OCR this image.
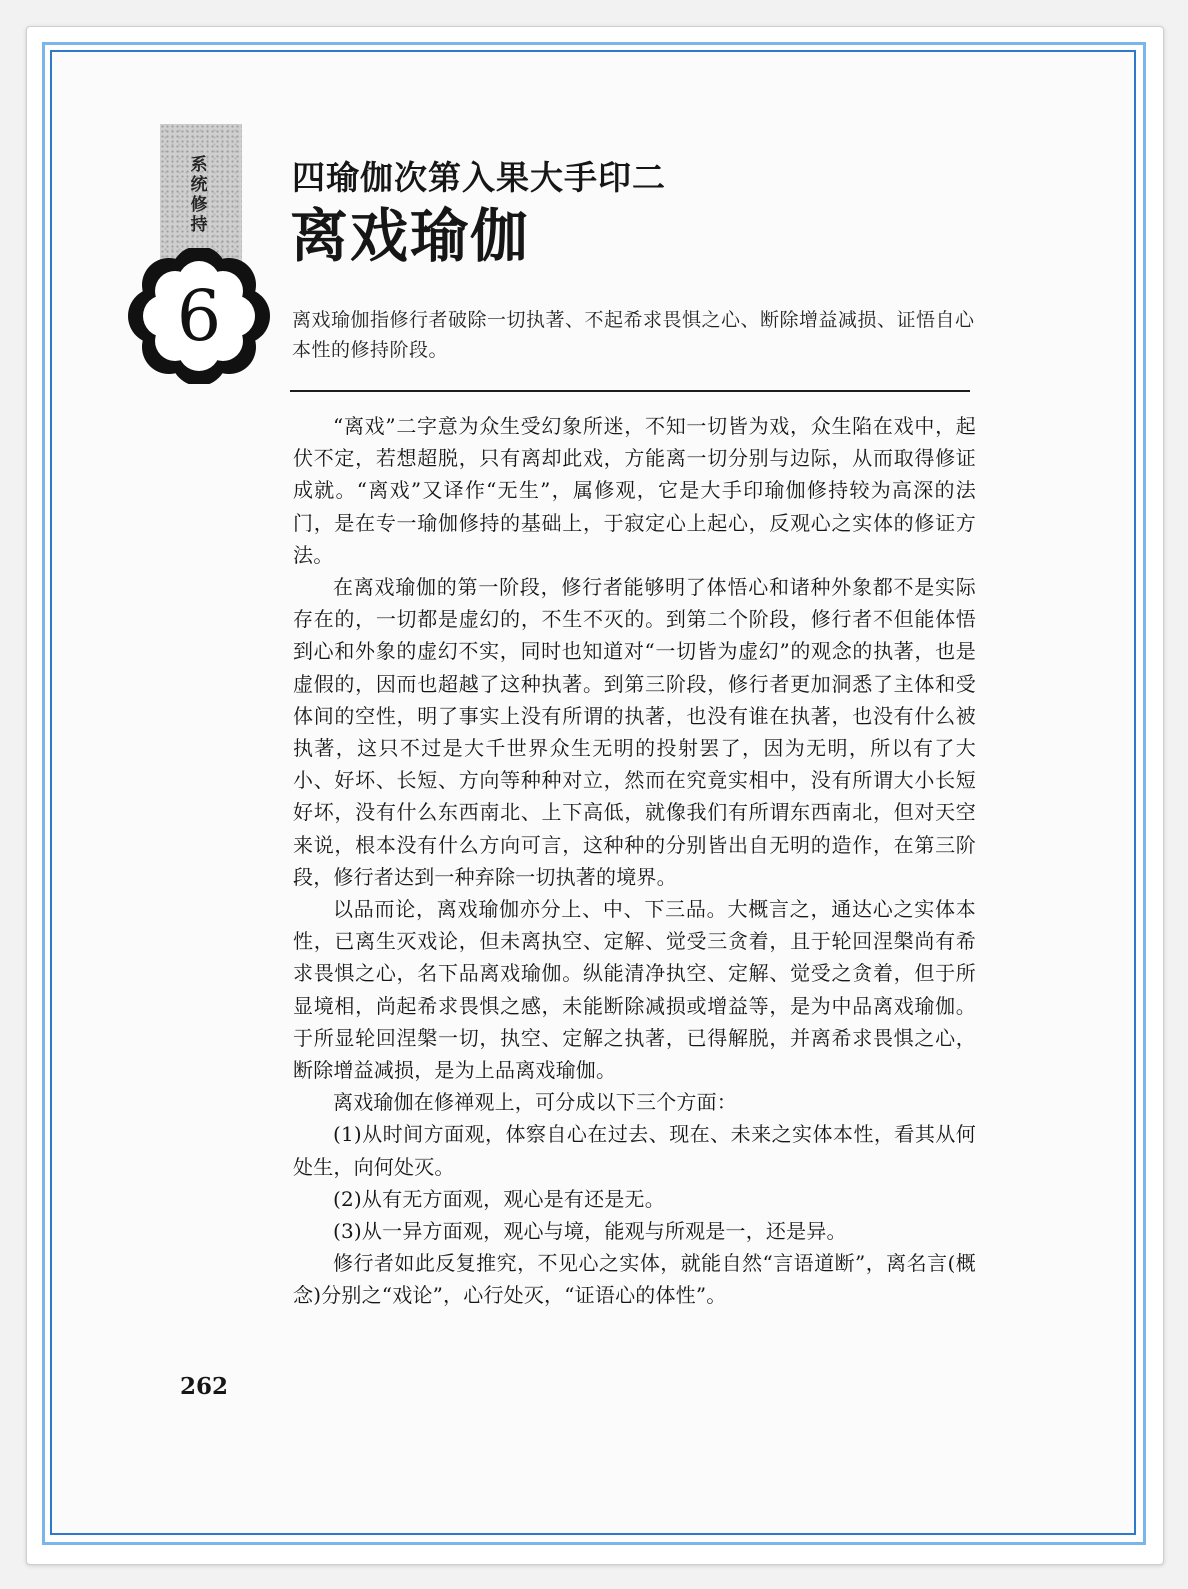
系统修持
6
四瑜伽次第入果大手印二
离戏瑜伽
离戏瑜伽指修行者破除一切执著、不起希求畏惧之心、断除增益减损、证悟自心本性的修持阶段。

“离戏”二字意为众生受幻象所迷，不知一切皆为戏，众生陷在戏中，起伏不定，若想超脱，只有离却此戏，方能离一切分别与边际，从而取得修证成就。“离戏”又译作“无生”，属修观，它是大手印瑜伽修持较为高深的法门，是在专一瑜伽修持的基础上，于寂定心上起心，反观心之实体的修证方法。

在离戏瑜伽的第一阶段，修行者能够明了体悟心和诸种外象都不是实际存在的，一切都是虚幻的，不生不灭的。到第二个阶段，修行者不但能体悟到心和外象的虚幻不实，同时也知道对“一切皆为虚幻”的观念的执著，也是虚假的，因而也超越了这种执著。到第三阶段，修行者更加洞悉了主体和受体间的空性，明了事实上没有所谓的执著，也没有谁在执著，也没有什么被执著，这只不过是大千世界众生无明的投射罢了，因为无明，所以有了大小、好坏、长短、方向等种种对立，然而在究竟实相中，没有所谓大小长短好坏，没有什么东西南北、上下高低，就像我们有所谓东西南北，但对天空来说，根本没有什么方向可言，这种种的分别皆出自无明的造作，在第三阶段，修行者达到一种弃除一切执著的境界。

以品而论，离戏瑜伽亦分上、中、下三品。大概言之，通达心之实体本性，已离生灭戏论，但未离执空、定解、觉受三贪着，且于轮回涅槃尚有希求畏惧之心，名下品离戏瑜伽。纵能清净执空、定解、觉受之贪着，但于所显境相，尚起希求畏惧之感，未能断除减损或增益等，是为中品离戏瑜伽。于所显轮回涅槃一切，执空、定解之执著，已得解脱，并离希求畏惧之心，断除增益减损，是为上品离戏瑜伽。

离戏瑜伽在修禅观上，可分成以下三个方面：

(1)从时间方面观，体察自心在过去、现在、未来之实体本性，看其从何处生，向何处灭。

(2)从有无方面观，观心是有还是无。

(3)从一异方面观，观心与境，能观与所观是一，还是异。

修行者如此反复推究，不见心之实体，就能自然“言语道断”，离名言(概念)分别之“戏论”，心行处灭，“证语心的体性”。

262
